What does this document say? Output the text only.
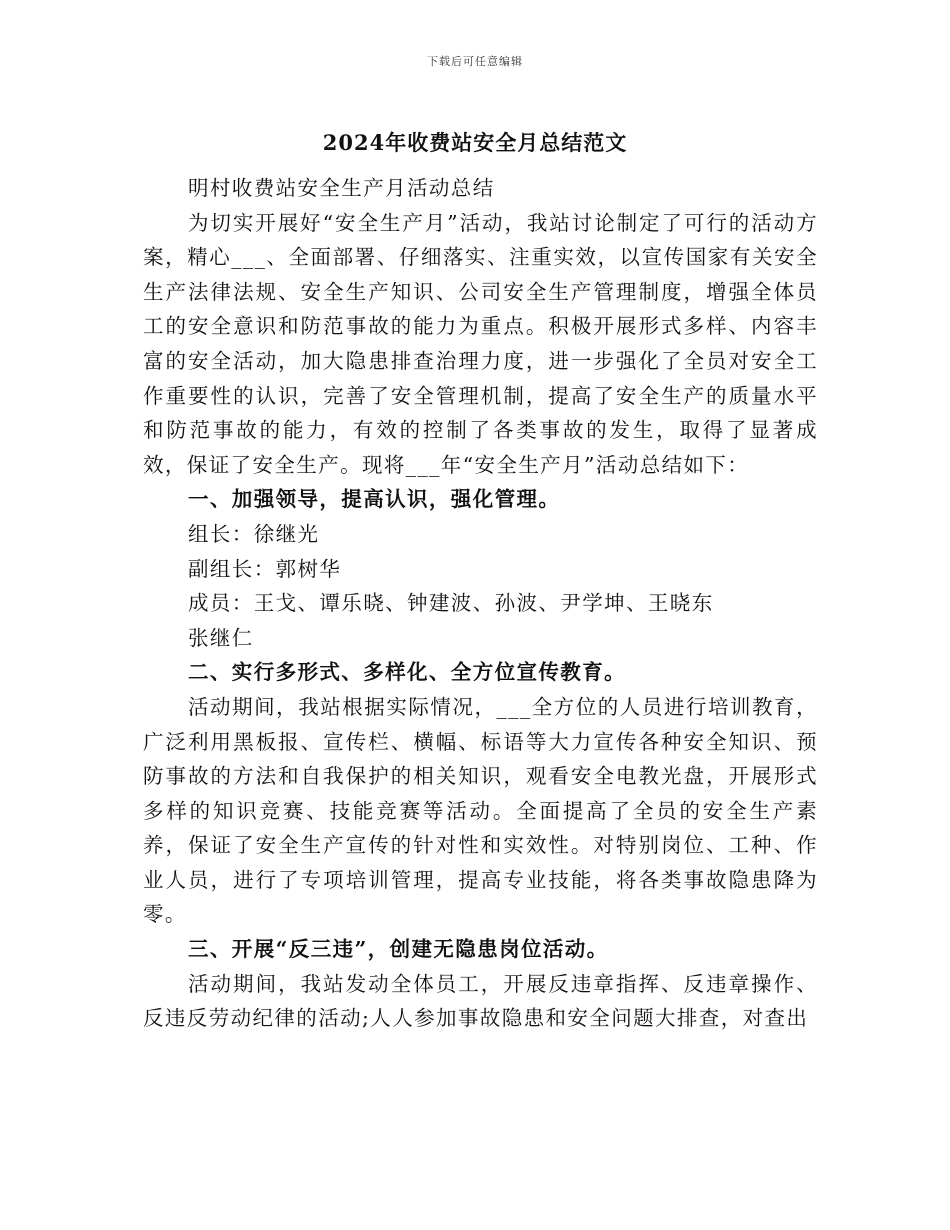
下载后可任意编辑
2024年收费站安全月总结范文

明村收费站安全生产月活动总结

为切实开展好“安全生产月”活动，我站讨论制定了可行的活动方案，精心___、全面部署、仔细落实、注重实效，以宣传国家有关安全生产法律法规、安全生产知识、公司安全生产管理制度，增强全体员工的安全意识和防范事故的能力为重点。积极开展形式多样、内容丰富的安全活动，加大隐患排查治理力度，进一步强化了全员对安全工作重要性的认识，完善了安全管理机制，提高了安全生产的质量水平和防范事故的能力，有效的控制了各类事故的发生，取得了显著成效，保证了安全生产。现将___年“安全生产月”活动总结如下：

一、加强领导，提高认识，强化管理。

组长：徐继光

副组长：郭树华

成员：王戈、谭乐晓、钟建波、孙波、尹学坤、王晓东

张继仁

二、实行多形式、多样化、全方位宣传教育。

活动期间，我站根据实际情况，___全方位的人员进行培训教育，广泛利用黑板报、宣传栏、横幅、标语等大力宣传各种安全知识、预防事故的方法和自我保护的相关知识，观看安全电教光盘，开展形式多样的知识竞赛、技能竞赛等活动。全面提高了全员的安全生产素养，保证了安全生产宣传的针对性和实效性。对特别岗位、工种、作业人员，进行了专项培训管理，提高专业技能，将各类事故隐患降为零。

三、开展“反三违”，创建无隐患岗位活动。

活动期间，我站发动全体员工，开展反违章指挥、反违章操作、反违反劳动纪律的活动;人人参加事故隐患和安全问题大排查，对查出
